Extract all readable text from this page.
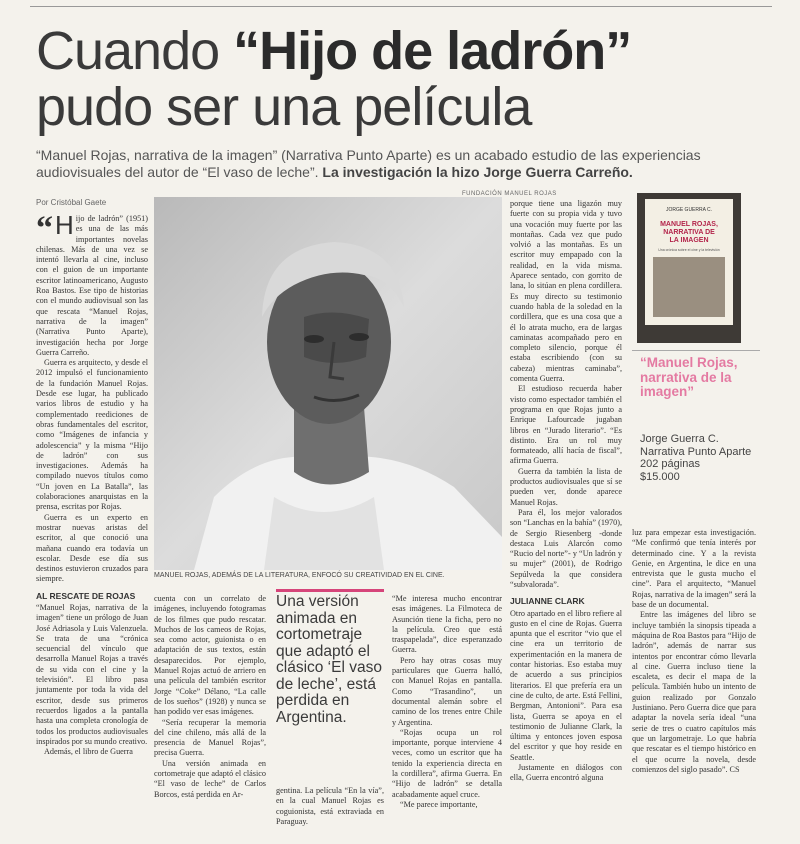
Cuando “Hijo de ladrón”
pudo ser una película
“Manuel Rojas, narrativa de la imagen” (Narrativa Punto Aparte) es un acabado estudio de las experiencias audiovisuales del autor de “El vaso de leche”. La investigación la hizo Jorge Guerra Carreño.
Por Cristóbal Gaete
FUNDACIÓN MANUEL ROJAS

“ H ijo de ladrón” (1951) es una de las más importantes novelas chilenas. Más de una vez se intentó llevarla al cine, incluso con el guion de un importante escritor latinoamericano, Augusto Roa Bastos. Ese tipo de historias con el mundo audiovisual son las que rescata “Manuel Rojas, narrativa de la imagen” (Narrativa Punto Aparte), investigación hecha por Jorge Guerra Carreño.

Guerra es arquitecto, y desde el 2012 impulsó el funcionamiento de la fundación Manuel Rojas. Desde ese lugar, ha publicado varios libros de estudio y ha complementado reediciones de obras fundamentales del escritor, como “Imágenes de infancia y adolescencia” y la misma “Hijo de ladrón” con sus investigaciones. Además ha compilado nuevos títulos como “Un joven en La Batalla”, las colaboraciones anarquistas en la prensa, escritas por Rojas.

Guerra es un experto en mostrar nuevas aristas del escritor, al que conoció una mañana cuando era todavía un escolar. Desde ese día sus destinos estuvieron cruzados para siempre.

AL RESCATE DE ROJAS

“Manuel Rojas, narrativa de la imagen” tiene un prólogo de Juan José Adriasola y Luis Valenzuela. Se trata de una “crónica secuencial del vínculo que desarrolla Manuel Rojas a través de su vida con el cine y la televisión”. El libro pasa juntamente por toda la vida del escritor, desde sus primeros recuerdos ligados a la pantalla hasta una completa cronología de todos los productos audiovisuales inspirados por su mundo creativo.

Además, el libro de Guerra

MANUEL ROJAS, ADEMÁS DE LA LITERATURA, ENFOCÓ SU CREATIVIDAD EN EL CINE.

cuenta con un correlato de imágenes, incluyendo fotogramas de los filmes que pudo rescatar. Muchos de los cameos de Rojas, sea como actor, guionista o en adaptación de sus textos, están desaparecidos. Por ejemplo, Manuel Rojas actuó de arriero en una película del también escritor Jorge “Coke” Délano, “La calle de los sueños” (1928) y nunca se han podido ver esas imágenes.

“Sería recuperar la memoria del cine chileno, más allá de la presencia de Manuel Rojas”, precisa Guerra.

Una versión animada en cortometraje que adaptó el clásico “El vaso de leche” de Carlos Borcos, está perdida en Ar-

Una versión animada en cortometraje que adaptó el clásico ‘El vaso de leche’, está perdida en Argentina.

gentina. La película “En la vía”, en la cual Manuel Rojas es coguionista, está extraviada en Paraguay.

“Me interesa mucho encontrar esas imágenes. La Filmoteca de Asunción tiene la ficha, pero no la película. Creo que está traspapelada”, dice esperanzado Guerra.

Pero hay otras cosas muy particulares que Guerra halló, con Manuel Rojas en pantalla. Como “Trasandino”, un documental alemán sobre el camino de los trenes entre Chile y Argentina.

“Rojas ocupa un rol importante, porque interviene 4 veces, como un escritor que ha tenido la experiencia directa en la cordillera”, afirma Guerra. En “Hijo de ladrón” se detalla acabadamente aquel cruce.

“Me parece importante,

porque tiene una ligazón muy fuerte con su propia vida y tuvo una vocación muy fuerte por las montañas. Cada vez que pudo volvió a las montañas. Es un escritor muy empapado con la realidad, en la vida misma. Aparece sentado, con gorrito de lana, lo sitúan en plena cordillera. Es muy directo su testimonio cuando habla de la soledad en la cordillera, que es una cosa que a él lo atrata mucho, era de largas caminatas acompañado pero en completo silencio, porque él estaba escribiendo (con su cabeza) mientras caminaba”, comenta Guerra.

El estudioso recuerda haber visto como espectador también el programa en que Rojas junto a Enrique Lafourcade jugaban libros en “Jurado literario”. “Es distinto. Era un rol muy formateado, allí hacía de fiscal”, afirma Guerra.

Guerra da también la lista de productos audiovisuales que sí se pueden ver, donde aparece Manuel Rojas.

Para él, los mejor valorados son “Lanchas en la bahía” (1970), de Sergio Riesenberg -donde destaca Luis Alarcón como “Rucio del norte”- y “Un ladrón y su mujer” (2001), de Rodrigo Sepúlveda la que considera “subvalorada”.

JULIANNE CLARK

Otro apartado en el libro refiere al gusto en el cine de Rojas. Guerra apunta que el escritor “vio que el cine era un territorio de experimentación en la manera de contar historias. Eso estaba muy de acuerdo a sus principios literarios. El que prefería era un cine de culto, de arte. Está Fellini, Bergman, Antonioni”. Para esa lista, Guerra se apoya en el testimonio de Julianne Clark, la última y entonces joven esposa del escritor y que hoy reside en Seattle.

Justamente en diálogos con ella, Guerra encontró alguna

luz para empezar esta investigación. “Me confirmó que tenía interés por determinado cine. Y a la revista Genie, en Argentina, le dice en una entrevista que le gusta mucho el cine”. Para el arquitecto, “Manuel Rojas, narrativa de la imagen” será la base de un documental.

Entre las imágenes del libro se incluye también la sinopsis tipeada a máquina de Roa Bastos para “Hijo de ladrón”, además de narrar sus intentos por encontrar cómo llevarla al cine. Guerra incluso tiene la escaleta, es decir el mapa de la película. También hubo un intento de guion realizado por Gonzalo Justiniano. Pero Guerra dice que para adaptar la novela sería ideal “una serie de tres o cuatro capítulos más que un largometraje. Lo que habría que rescatar es el tiempo histórico en el que ocurre la novela, desde comienzos del siglo pasado”. CS

JORGE GUERRA C.
MANUEL ROJAS,
NARRATIVA DE
LA IMAGEN
Una crónica sobre el cine y la televisión
“Manuel Rojas, narrativa de la imagen”
Jorge Guerra C.
Narrativa Punto Aparte
202 páginas
$15.000
